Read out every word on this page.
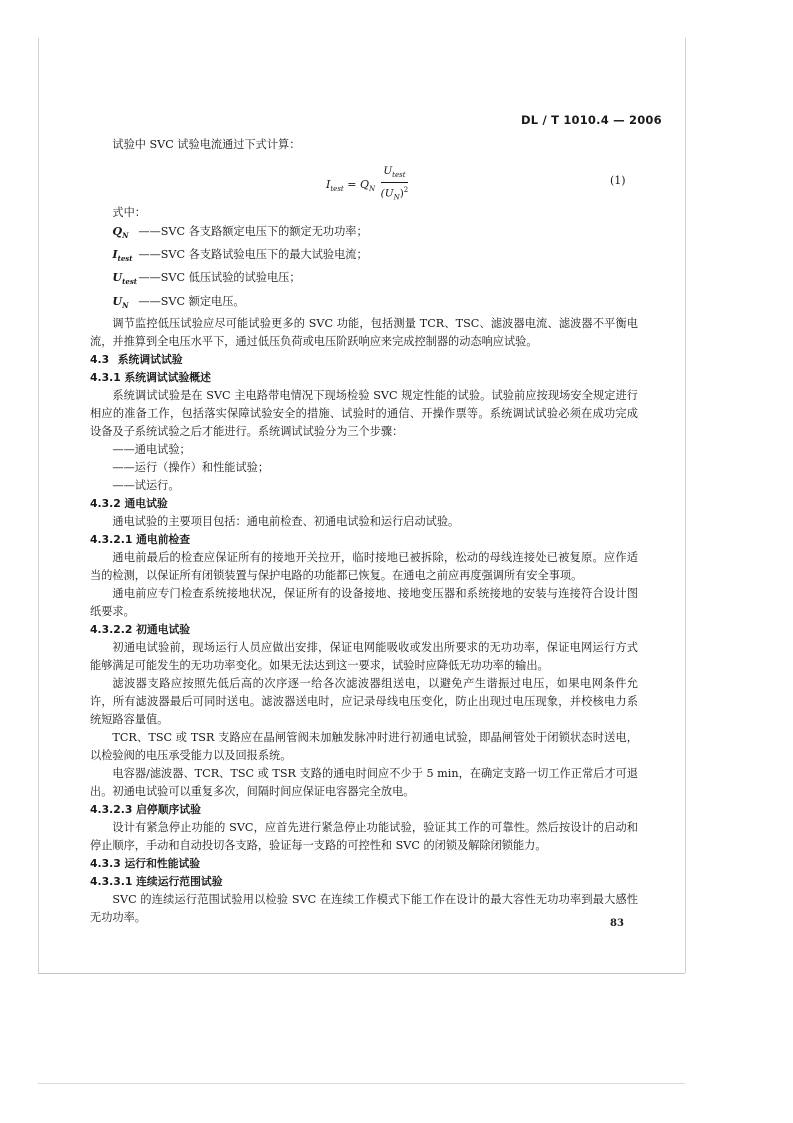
DL / T 1010.4 — 2006

试验中 SVC 试验电流通过下式计算：

$I_{test} = Q_N \frac{U_{test}}{(U_N)^2}$	(1)

式中：

$Q_N$ ——SVC 各支路额定电压下的额定无功功率；

$I_{test}$ ——SVC 各支路试验电压下的最大试验电流；

$U_{test}——SVC$ 低压试验的试验电压；

$U_N$ ——SVC 额定电压。

调节监控低压试验应尽可能试验更多的 SVC 功能，包括测量 TCR、TSC、滤波器电流、滤波器不平衡电流，并推算到全电压水平下，通过低压负荷或电压阶跃响应来完成控制器的动态响应试验。

4.3 系统调试试验

4.3.1 系统调试试验概述

系统调试试验是在 SVC 主电路带电情况下现场检验 SVC 规定性能的试验。试验前应按现场安全规定进行相应的准备工作，包括落实保障试验安全的措施、试验时的通信、开操作票等。系统调试试验必须在成功完成设备及子系统试验之后才能进行。系统调试试验分为三个步骤：

——通电试验；

——运行（操作）和性能试验；

——试运行。

4.3.2 通电试验

通电试验的主要项目包括：通电前检查、初通电试验和运行启动试验。

4.3.2.1 通电前检查

通电前最后的检查应保证所有的接地开关拉开，临时接地已被拆除，松动的母线连接处已被复原。应作适当的检测，以保证所有闭锁装置与保护电路的功能都已恢复。在通电之前应再度强调所有安全事项。

通电前应专门检查系统接地状况，保证所有的设备接地、接地变压器和系统接地的安装与连接符合设计图纸要求。

4.3.2.2 初通电试验

初通电试验前，现场运行人员应做出安排，保证电网能吸收或发出所要求的无功功率，保证电网运行方式能够满足可能发生的无功功率变化。如果无法达到这一要求，试验时应降低无功功率的输出。

滤波器支路应按照先低后高的次序逐一给各次滤波器组送电，以避免产生谐振过电压，如果电网条件允许，所有滤波器最后可同时送电。滤波器送电时，应记录母线电压变化，防止出现过电压现象，并校核电力系统短路容量值。

TCR、TSC 或 TSR 支路应在晶闸管阀未加触发脉冲时进行初通电试验，即晶闸管处于闭锁状态时送电，以检验阀的电压承受能力以及回报系统。

电容器/滤波器、TCR、TSC 或 TSR 支路的通电时间应不少于 5 min，在确定支路一切工作正常后才可退出。初通电试验可以重复多次，间隔时间应保证电容器完全放电。

4.3.2.3 启停顺序试验

设计有紧急停止功能的 SVC，应首先进行紧急停止功能试验，验证其工作的可靠性。然后按设计的启动和停止顺序，手动和自动投切各支路，验证每一支路的可控性和 SVC 的闭锁及解除闭锁能力。

4.3.3 运行和性能试验

4.3.3.1 连续运行范围试验

SVC 的连续运行范围试验用以检验 SVC 在连续工作模式下能工作在设计的最大容性无功功率到最大感性无功功率。	83
